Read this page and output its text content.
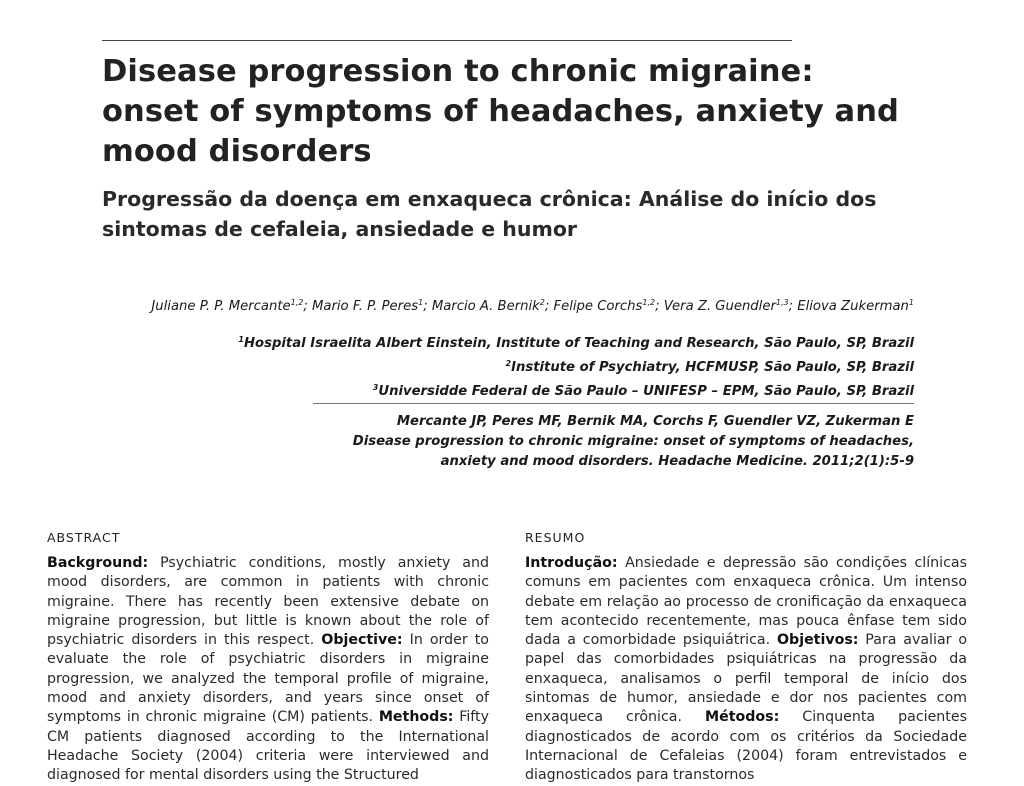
Disease progression to chronic migraine:
onset of symptoms of headaches, anxiety and
mood disorders
Progressão da doença em enxaqueca crônica: Análise do início dos
sintomas de cefaleia, ansiedade e humor
Juliane P. P. Mercante$^{1,2}$; Mario F. P. Peres$^1$; Marcio A. Bernik$^2$; Felipe Corchs$^{1,2}$; Vera Z. Guendler$^{1,3}$; Eliova Zukerman$^1$
$^1$Hospital Israelita Albert Einstein, Institute of Teaching and Research, São Paulo, SP, Brazil
$^2$Institute of Psychiatry, HCFMUSP, São Paulo, SP, Brazil
$^3$Universidde Federal de São Paulo – UNIFESP – EPM, São Paulo, SP, Brazil
Mercante JP, Peres MF, Bernik MA, Corchs F, Guendler VZ, Zukerman E
Disease progression to chronic migraine: onset of symptoms of headaches,
anxiety and mood disorders. Headache Medicine. 2011;2(1):5-9
ABSTRACT

Background: Psychiatric conditions, mostly anxiety and mood disorders, are common in patients with chronic migraine. There has recently been extensive debate on migraine progression, but little is known about the role of psychiatric disorders in this respect. Objective: In order to evaluate the role of psychiatric disorders in migraine progression, we analyzed the temporal profile of migraine, mood and anxiety disorders, and years since onset of symptoms in chronic migraine (CM) patients. Methods: Fifty CM patients diagnosed according to the International Headache Society (2004) criteria were interviewed and diagnosed for mental disorders using the Structured

RESUMO

Introdução: Ansiedade e depressão são condições clínicas comuns em pacientes com enxaqueca crônica. Um intenso debate em relação ao processo de cronificação da enxaqueca tem acontecido recentemente, mas pouca ênfase tem sido dada a comorbidade psiquiátrica. Objetivos: Para avaliar o papel das comorbidades psiquiátricas na progressão da enxaqueca, analisamos o perfil temporal de início dos sintomas de humor, ansiedade e dor nos pacientes com enxaqueca crônica. Métodos: Cinquenta pacientes diagnosticados de acordo com os critérios da Sociedade Internacional de Cefaleias (2004) foram entrevistados e diagnosticados para transtornos
